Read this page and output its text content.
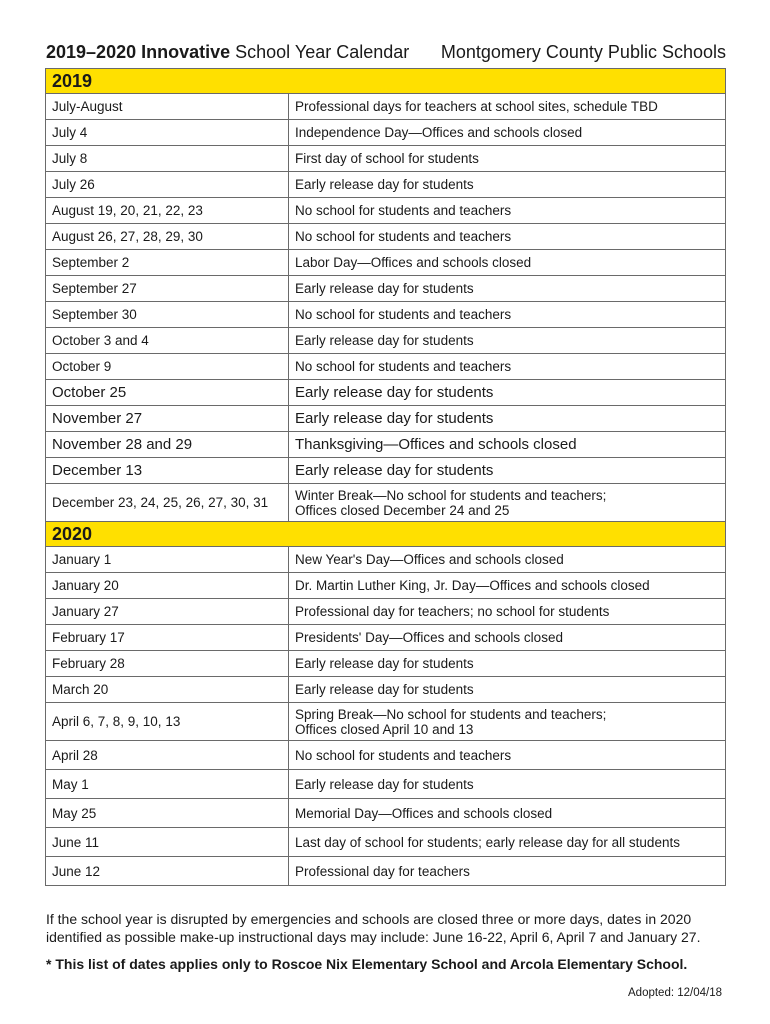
2019–2020 Innovative School Year Calendar Montgomery County Public Schools
2019	
July-August	Professional days for teachers at school sites, schedule TBD

July 4	Independence Day—Offices and schools closed

July 8	First day of school for students

July 26	Early release day for students

August 19, 20, 21, 22, 23	No school for students and teachers

August 26, 27, 28, 29, 30	No school for students and teachers

September 2	Labor Day—Offices and schools closed

September 27	Early release day for students

September 30	No school for students and teachers

October 3 and 4	Early release day for students

October 9	No school for students and teachers

October 25	Early release day for students

November 27	Early release day for students

November 28 and 29	Thanksgiving—Offices and schools closed

December 13	Early release day for students

December 23, 24, 25, 26, 27, 30, 31	Winter Break—No school for students and teachers;
Offices closed December 24 and 25

2020	
January 1	New Year's Day—Offices and schools closed

January 20	Dr. Martin Luther King, Jr. Day—Offices and schools closed

January 27	Professional day for teachers; no school for students

February 17	Presidents' Day—Offices and schools closed

February 28	Early release day for students

March 20	Early release day for students

April 6, 7, 8, 9, 10, 13	Spring Break—No school for students and teachers;
Offices closed April 10 and 13

April 28	No school for students and teachers

May 1	Early release day for students

May 25	Memorial Day—Offices and schools closed

June 11	Last day of school for students; early release day for all students

June 12	Professional day for teachers
If the school year is disrupted by emergencies and schools are closed three or more days, dates in 2020 identified as possible make-up instructional days may include: June 16-22, April 6, April 7 and January 27.
* This list of dates applies only to Roscoe Nix Elementary School and Arcola Elementary School.
Adopted: 12/04/18
